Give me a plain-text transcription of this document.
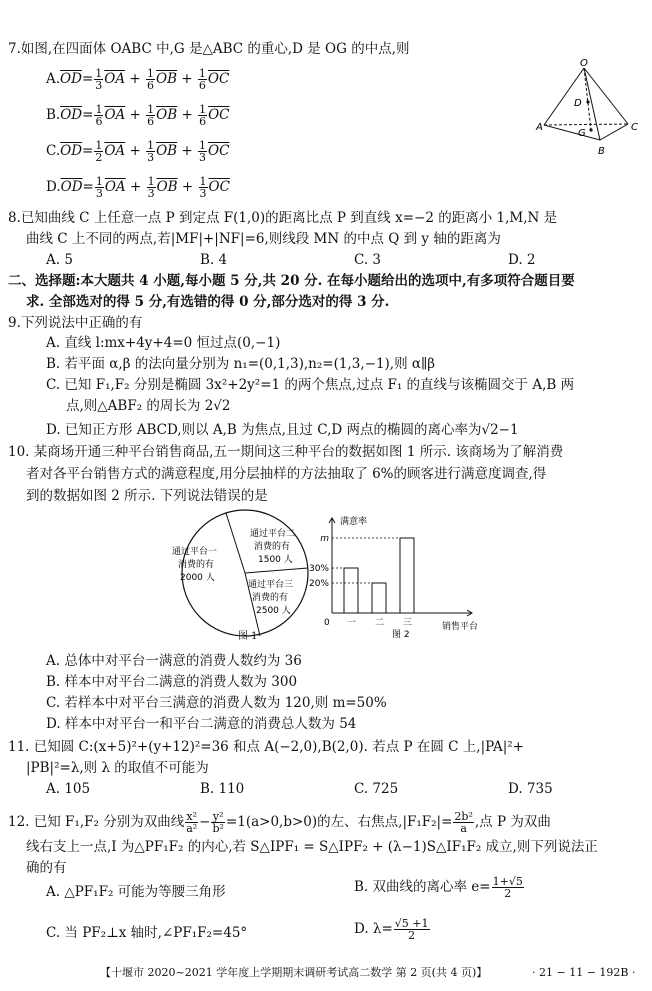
7.如图,在四面体 OABC 中,G 是△ABC 的重心,D 是 OG 的中点,则
$A.\overline{OD}= \frac{1}{3} \overline{OA} + \frac{1}{6} \overline{OB} + \frac{1}{6} \overline{OC}$
$B.\overline{OD}= \frac{1}{6} \overline{OA} + \frac{1}{6} \overline{OB} + \frac{1}{6} \overline{OC}$
$C.\overline{OD}= \frac{1}{2} \overline{OA} + \frac{1}{3} \overline{OB} + \frac{1}{3} \overline{OC}$
$D.\overline{OD}= \frac{1}{3} \overline{OA} + \frac{1}{3} \overline{OB} + \frac{1}{3} \overline{OC}$
O
A
B
C
D
G
8.已知曲线 C 上任意一点 P 到定点 F(1,0)的距离比点 P 到直线 x=−2 的距离小 1,M,N 是
曲线 C 上不同的两点,若|MF|+|NF|=6,则线段 MN 的中点 Q 到 y 轴的距离为
A. 5	B. 4	C. 3	D. 2
二、选择题:本大题共 4 小题,每小题 5 分,共 20 分. 在每小题给出的选项中,有多项符合题目要
求. 全部选对的得 5 分,有选错的得 0 分,部分选对的得 3 分.
9.下列说法中正确的有
A. 直线 l:mx+4y+4=0 恒过点(0,−1)
B. 若平面 α,β 的法向量分别为 n₁=(0,1,3),n₂=(1,3,−1),则 α∥β
C. 已知 F₁,F₂ 分别是椭圆 3x²+2y²=1 的两个焦点,过点 F₁ 的直线与该椭圆交于 A,B 两
点,则△ABF₂ 的周长为 2√2
D. 已知正方形 ABCD,则以 A,B 为焦点,且过 C,D 两点的椭圆的离心率为√2−1
10. 某商场开通三种平台销售商品,五一期间这三种平台的数据如图 1 所示. 该商场为了解消费
者对各平台销售方式的满意程度,用分层抽样的方法抽取了 6%的顾客进行满意度调查,得
到的数据如图 2 所示. 下列说法错误的是
通过平台二
消费的有
1500 人
通过平台一
消费的有
2000 人
通过平台三
消费的有
2500 人
图 1
一 二 三
20%
30%
m
满意率
销售平台
0
图 2
A. 总体中对平台一满意的消费人数约为 36
B. 样本中对平台二满意的消费人数为 300
C. 若样本中对平台三满意的消费人数为 120,则 m=50%
D. 样本中对平台一和平台二满意的消费总人数为 54
11. 已知圆 C:(x+5)²+(y+12)²=36 和点 A(−2,0),B(2,0). 若点 P 在圆 C 上,|PA|²+
|PB|²=λ,则 λ 的取值不可能为
A. 105	B. 110	C. 725	D. 735
12. 已知 F₁,F₂ 分别为双曲线 $\frac{\text{x²}}{\text{a²}} - \frac{\text{y²}}{\text{b²}} =1(a>0,b>0)$的左、右焦点$,|F_1F_2|= \frac{\text{2b²}}{a}$ ,点 P 为双曲
线右支上一点,I 为△PF₁F₂ 的内心,若 S△IPF₁ = S△IPF₂ + (λ−1)S△IF₁F₂ 成立,则下列说法正
确的有
A. △PF₁F₂ 可能为等腰三角形	B. 双曲线的离心率 $e= \frac{1+√5}{2}$
C. 当 PF₂⊥x 轴时,∠PF₁F₂=45°	D. $\lambda= \frac{√5 +1}{2}$
【十堰市 2020~2021 学年度上学期期末调研考试高二数学 第 2 页(共 4 页)】	· 21 − 11 − 192B ·
